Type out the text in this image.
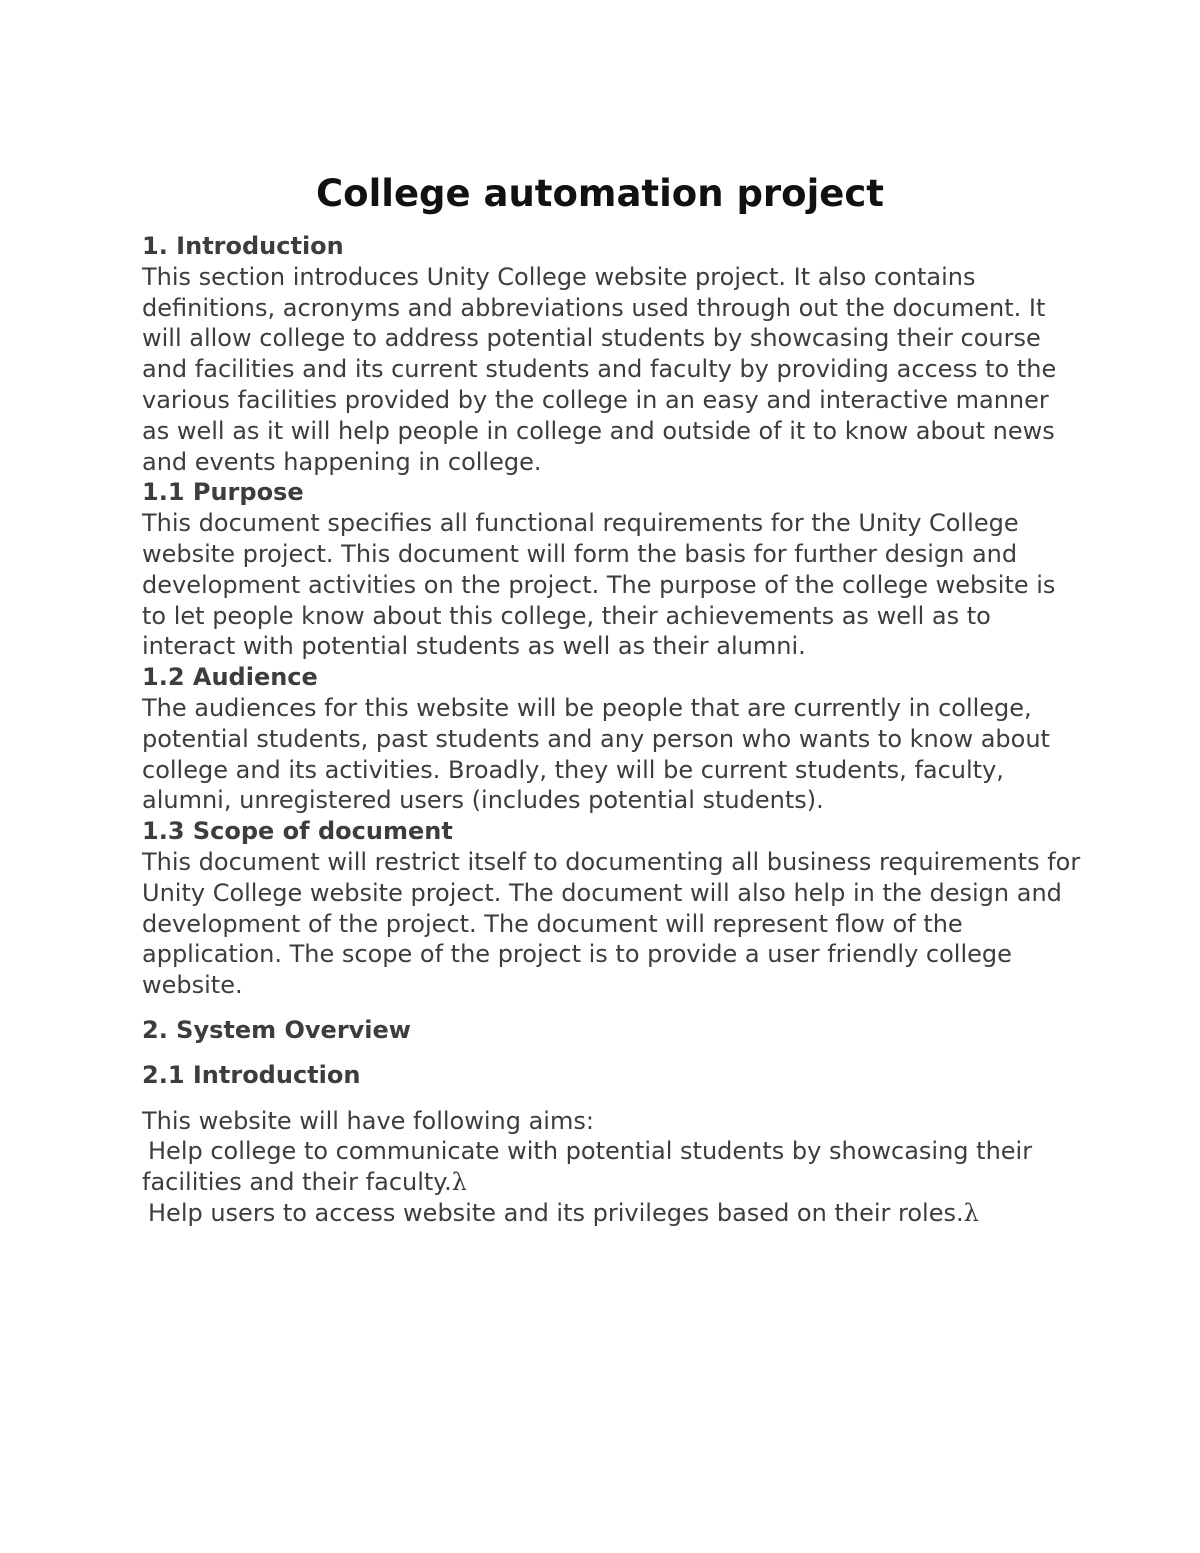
College automation project

1. Introduction

This section introduces Unity College website project. It also contains definitions, acronyms and abbreviations used through out the document. It will allow college to address potential students by showcasing their course and facilities and its current students and faculty by providing access to the various facilities provided by the college in an easy and interactive manner as well as it will help people in college and outside of it to know about news and events happening in college.

1.1 Purpose

This document specifies all functional requirements for the Unity College website project. This document will form the basis for further design and development activities on the project. The purpose of the college website is to let people know about this college, their achievements as well as to interact with potential students as well as their alumni.

1.2 Audience

The audiences for this website will be people that are currently in college, potential students, past students and any person who wants to know about college and its activities. Broadly, they will be current students, faculty, alumni, unregistered users (includes potential students).

1.3 Scope of document

This document will restrict itself to documenting all business requirements for Unity College website project. The document will also help in the design and development of the project. The document will represent flow of the application. The scope of the project is to provide a user friendly college website.

2. System Overview

2.1 Introduction

This website will have following aims:

Help college to communicate with potential students by showcasing their facilities and their faculty.λ

Help users to access website and its privileges based on their roles.λ
